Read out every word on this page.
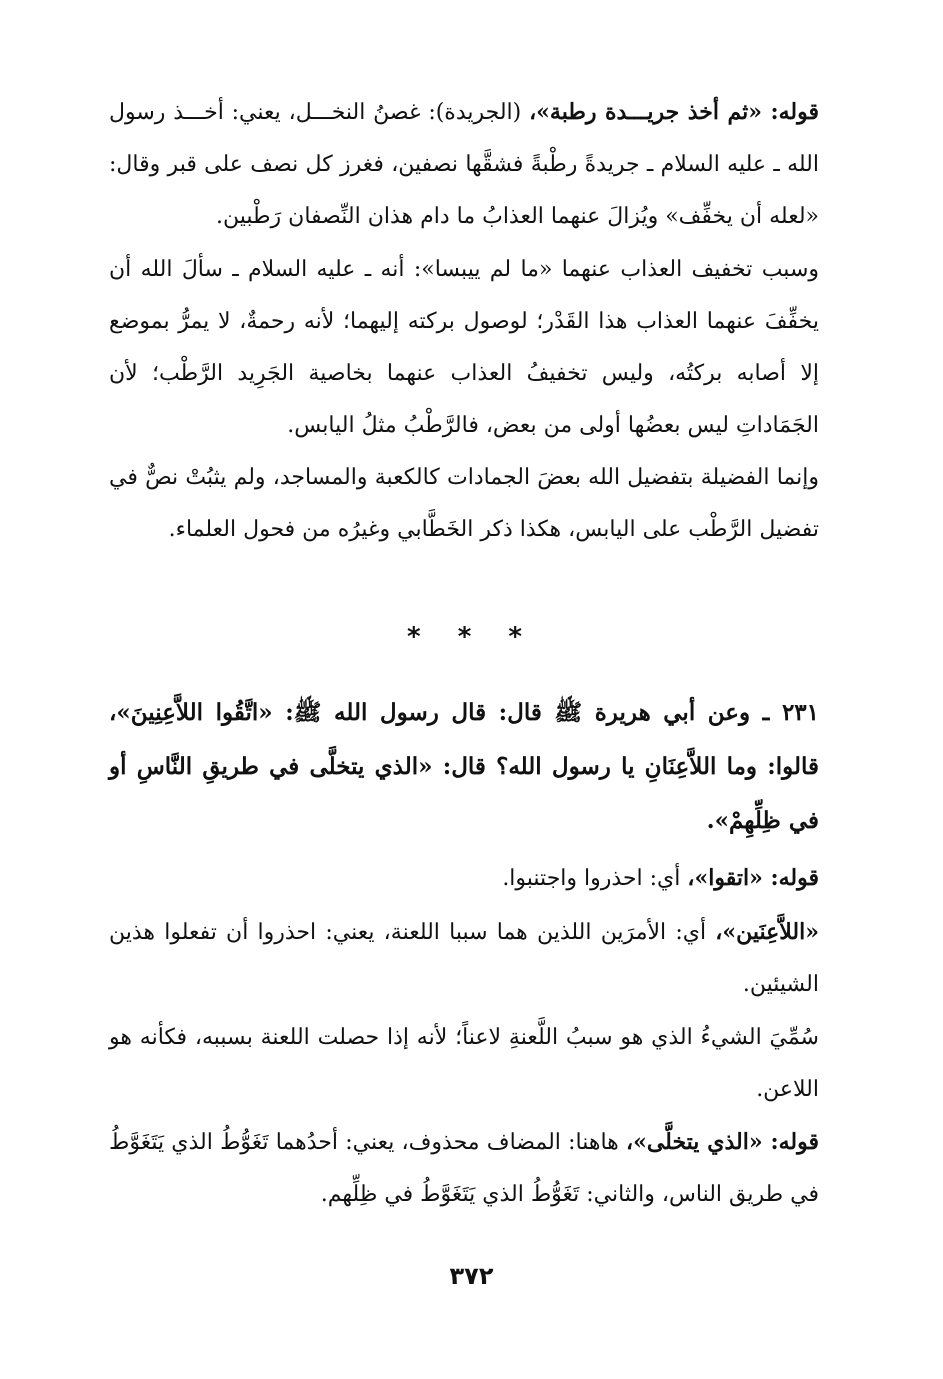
قوله: «ثم أخذ جريـــدة رطبة»، (الجريدة): غصنُ النخـــل، يعني: أخـــذ رسول الله ـ عليه السلام ـ جريدةً رطْبةً فشقَّها نصفين، فغرز كل نصف على قبر وقال: «لعله أن يخفِّف» ويُزالَ عنهما العذابُ ما دام هذان النِّصفان رَطْبين.

وسبب تخفيف العذاب عنهما «ما لم ييبسا»: أنه ـ عليه السلام ـ سألَ الله أن يخفِّفَ عنهما العذاب هذا القَدْر؛ لوصول بركته إليهما؛ لأنه رحمةٌ، لا يمرُّ بموضع إلا أصابه بركتُه، وليس تخفيفُ العذاب عنهما بخاصية الجَرِيد الرَّطْب؛ لأن الجَمَاداتِ ليس بعضُها أولى من بعض، فالرَّطْبُ مثلُ اليابس.

وإنما الفضيلة بتفضيل الله بعضَ الجمادات كالكعبة والمساجد، ولم يثبُتْ نصٌّ في تفضيل الرَّطْب على اليابس، هكذا ذكر الخَطَّابي وغيرُه من فحول العلماء.

* * *

٢٣١ ـ وعن أبي هريرة ﷺ قال: قال رسول الله ﷺ: «اتَّقُوا اللاَّعِنِينَ»، قالوا: وما اللاَّعِنَانِ يا رسول الله؟ قال: «الذي يتخلَّى في طريقِ النَّاسِ أو في ظِلِّهِمْ».

قوله: «اتقوا»، أي: احذروا واجتنبوا.

«اللاَّعِنَين»، أي: الأمرَين اللذين هما سببا اللعنة، يعني: احذروا أن تفعلوا هذين الشيئين.

سُمِّيَ الشيءُ الذي هو سببُ اللَّعنةِ لاعناً؛ لأنه إذا حصلت اللعنة بسببه، فكأنه هو اللاعن.

قوله: «الذي يتخلَّى»، هاهنا: المضاف محذوف، يعني: أحدُهما تَغَوُّطُ الذي يَتَغَوَّطُ في طريق الناس، والثاني: تَغَوُّطُ الذي يَتَغَوَّطُ في ظِلِّهم.

٣٧٢
